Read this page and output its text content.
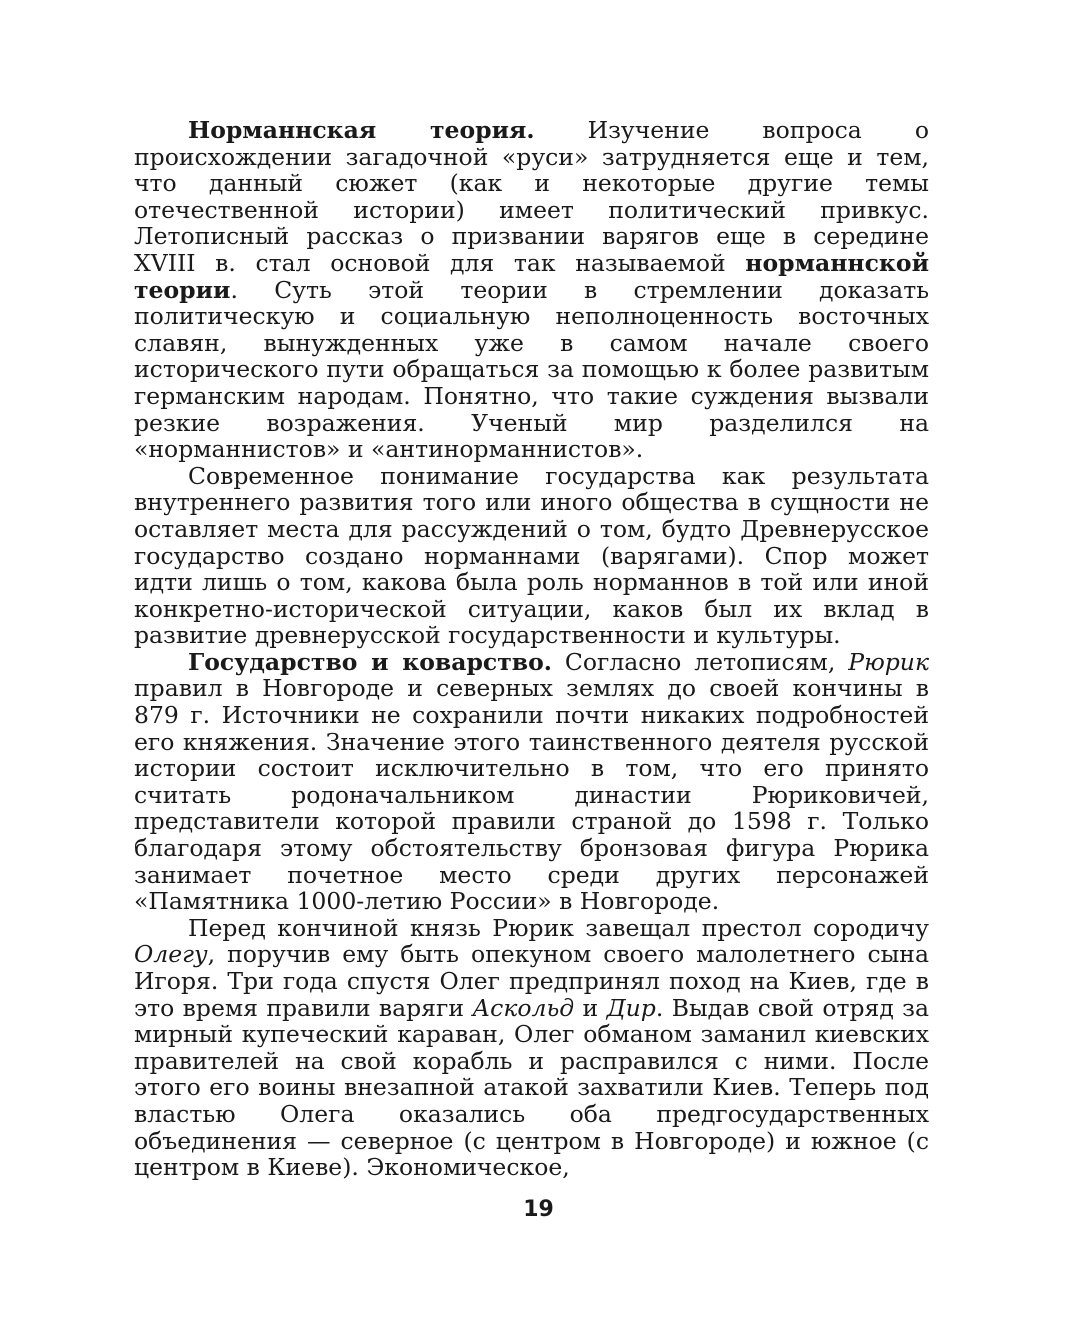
Норманнская теория. Изучение вопроса о происхождении загадочной «руси» затрудняется еще и тем, что данный сюжет (как и некоторые другие темы отечественной истории) имеет политический привкус. Летописный рассказ о призвании варягов еще в середине XVIII в. стал основой для так называемой норманнской теории. Суть этой теории в стремлении доказать политическую и социальную неполноценность восточных славян, вынужденных уже в самом начале своего исторического пути обращаться за помощью к более развитым германским народам. Понятно, что такие суждения вызвали резкие возражения. Ученый мир разделился на «норманнистов» и «антинорманнистов».

Современное понимание государства как результата внутреннего развития того или иного общества в сущности не оставляет места для рассуждений о том, будто Древнерусское государство создано норманнами (варягами). Спор может идти лишь о том, какова была роль норманнов в той или иной конкретно-исторической ситуации, каков был их вклад в развитие древнерусской государственности и культуры.

Государство и коварство. Согласно летописям, Рюрик правил в Новгороде и северных землях до своей кончины в 879 г. Источники не сохранили почти никаких подробностей его княжения. Значение этого таинственного деятеля русской истории состоит исключительно в том, что его принято считать родоначальником династии Рюриковичей, представители которой правили страной до 1598 г. Только благодаря этому обстоятельству бронзовая фигура Рюрика занимает почетное место среди других персонажей «Памятника 1000-летию России» в Новгороде.

Перед кончиной князь Рюрик завещал престол сородичу Олегу, поручив ему быть опекуном своего малолетнего сына Игоря. Три года спустя Олег предпринял поход на Киев, где в это время правили варяги Аскольд и Дир. Выдав свой отряд за мирный купеческий караван, Олег обманом заманил киевских правителей на свой корабль и расправился с ними. После этого его воины внезапной атакой захватили Киев. Теперь под властью Олега оказались оба предгосударственных объединения — северное (с центром в Новгороде) и южное (с центром в Киеве). Экономическое,

19
